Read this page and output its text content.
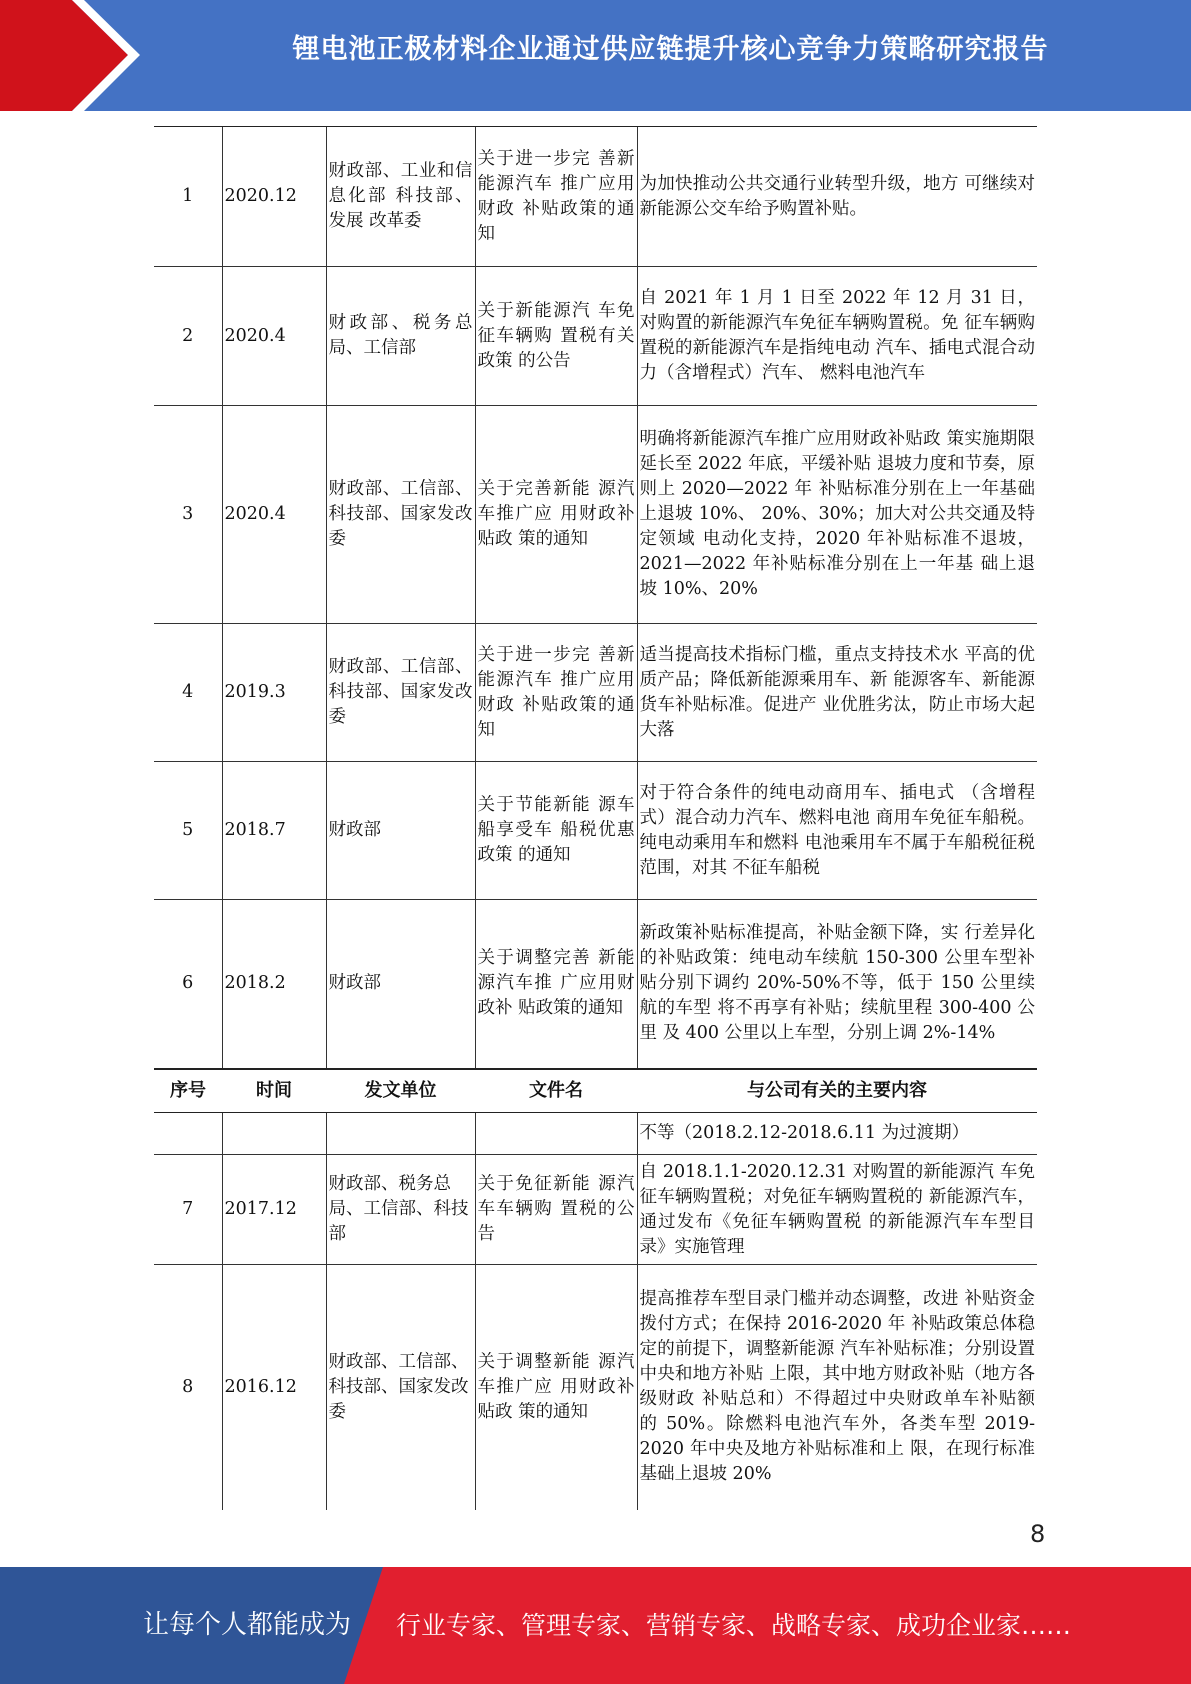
锂电池正极材料企业通过供应链提升核心竞争力策略研究报告
1	2020.12	财政部、工业和信息化部 科技部、发展 改革委	关于进一步完 善新能源汽车 推广应用财政 补贴政策的通 知	为加快推动公共交通行业转型升级，地方 可继续对新能源公交车给予购置补贴。
2	2020.4	财政部、税务总局、工信部	关于新能源汽 车免征车辆购 置税有关政策 的公告	自 2021 年 1 月 1 日至 2022 年 12 月 31 日，对购置的新能源汽车免征车辆购置税。免 征车辆购置税的新能源汽车是指纯电动 汽车、插电式混合动力（含增程式）汽车、 燃料电池汽车
3	2020.4	财政部、工信部、科技部、国家发改委	关于完善新能 源汽车推广应 用财政补贴政 策的通知	明确将新能源汽车推广应用财政补贴政 策实施期限延长至 2022 年底，平缓补贴 退坡力度和节奏，原则上 2020—2022 年 补贴标准分别在上一年基础上退坡 10%、 20%、30%；加大对公共交通及特定领域 电动化支持，2020 年补贴标准不退坡， 2021—2022 年补贴标准分别在上一年基 础上退坡 10%、20%
4	2019.3	财政部、工信部、科技部、国家发改委	关于进一步完 善新能源汽车 推广应用财政 补贴政策的通 知	适当提高技术指标门槛，重点支持技术水 平高的优质产品；降低新能源乘用车、新 能源客车、新能源货车补贴标准。促进产 业优胜劣汰，防止市场大起大落
5	2018.7	财政部	关于节能新能 源车船享受车 船税优惠政策 的通知	对于符合条件的纯电动商用车、插电式 （含增程式）混合动力汽车、燃料电池 商用车免征车船税。纯电动乘用车和燃料 电池乘用车不属于车船税征税范围，对其 不征车船税
6	2018.2	财政部	关于调整完善 新能源汽车推 广应用财政补 贴政策的通知	新政策补贴标准提高，补贴金额下降，实 行差异化的补贴政策：纯电动车续航 150-300 公里车型补贴分别下调约 20%-50%不等，低于 150 公里续航的车型 将不再享有补贴；续航里程 300-400 公里 及 400 公里以上车型，分别上调 2%-14%
序号	时间	发文单位	文件名	与公司有关的主要内容
				不等（2018.2.12-2018.6.11 为过渡期）
7	2017.12	财政部、税务总局、工信部、科技部	关于免征新能 源汽车车辆购 置税的公告	自 2018.1.1-2020.12.31 对购置的新能源汽 车免征车辆购置税；对免征车辆购置税的 新能源汽车，通过发布《免征车辆购置税 的新能源汽车车型目录》实施管理
8	2016.12	财政部、工信部、科技部、国家发改委	关于调整新能 源汽车推广应 用财政补贴政 策的通知	提高推荐车型目录门槛并动态调整，改进 补贴资金拨付方式；在保持 2016-2020 年 补贴政策总体稳定的前提下，调整新能源 汽车补贴标准；分别设置中央和地方补贴 上限，其中地方财政补贴（地方各级财政 补贴总和）不得超过中央财政单车补贴额 的 50%。除燃料电池汽车外，各类车型 2019-2020 年中央及地方补贴标准和上 限，在现行标准基础上退坡 20%
8
让每个人都能成为 行业专家、管理专家、营销专家、战略专家、成功企业家……
